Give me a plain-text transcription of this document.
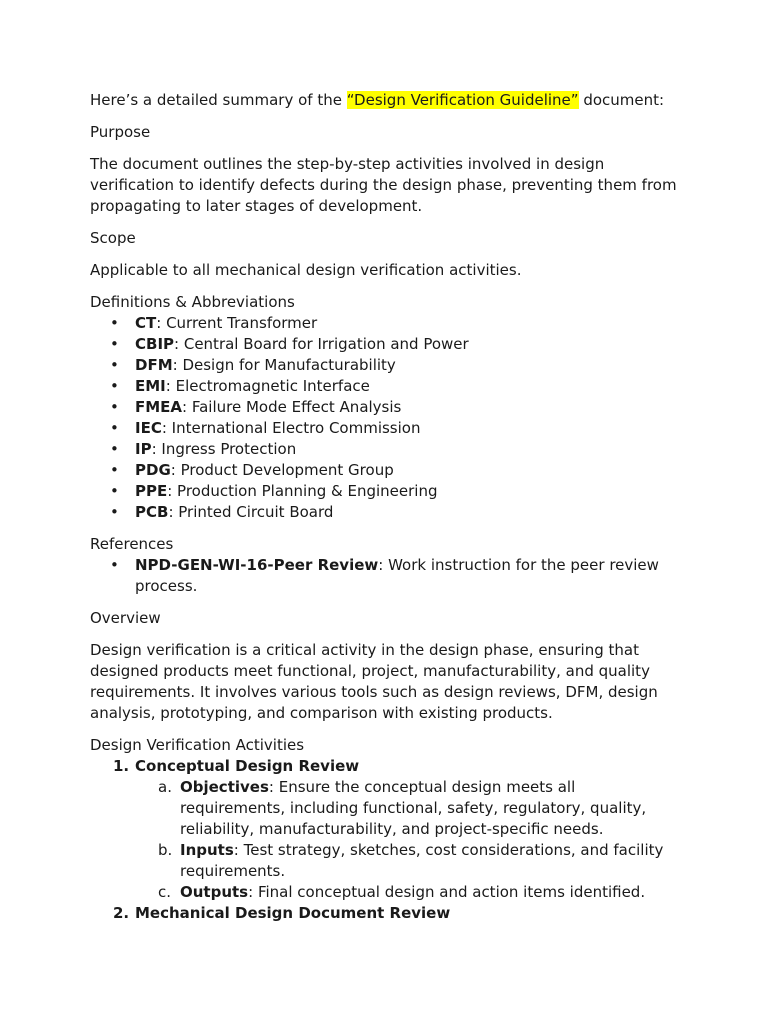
Here’s a detailed summary of the “Design Verification Guideline” document:

Purpose

The document outlines the step-by-step activities involved in design verification to identify defects during the design phase, preventing them from propagating to later stages of development.

Scope

Applicable to all mechanical design verification activities.

Definitions & Abbreviations

• CT: Current Transformer
• CBIP: Central Board for Irrigation and Power
• DFM: Design for Manufacturability
• EMI: Electromagnetic Interface
• FMEA: Failure Mode Effect Analysis
• IEC: International Electro Commission
• IP: Ingress Protection
• PDG: Product Development Group
• PPE: Production Planning & Engineering
• PCB: Printed Circuit Board

References

• NPD-GEN-WI-16-Peer Review: Work instruction for the peer review process.

Overview

Design verification is a critical activity in the design phase, ensuring that designed products meet functional, project, manufacturability, and quality requirements. It involves various tools such as design reviews, DFM, design analysis, prototyping, and comparison with existing products.

Design Verification Activities

1. Conceptual Design Review
a. Objectives: Ensure the conceptual design meets all requirements, including functional, safety, regulatory, quality, reliability, manufacturability, and project-specific needs.
b. Inputs: Test strategy, sketches, cost considerations, and facility requirements.
c. Outputs: Final conceptual design and action items identified.
2. Mechanical Design Document Review
